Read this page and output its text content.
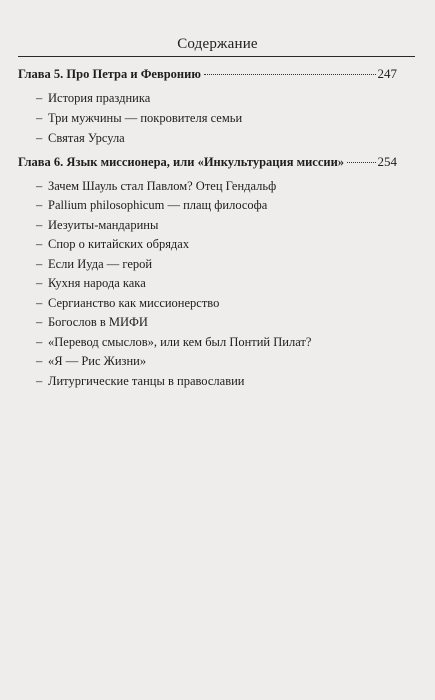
Содержание
Глава 5. Про Петра и Февронию	247
– История праздника
– Три мужчины — покровителя семьи
– Святая Урсула
Глава 6. Язык миссионера, или «Инкультурация миссии»	254
– Зачем Шауль стал Павлом? Отец Гендальф
– Pallium philosophicum — плащ философа
– Иезуиты-мандарины
– Спор о китайских обрядах
– Если Иуда — герой
– Кухня народа кака
– Сергианство как миссионерство
– Богослов в МИФИ
– «Перевод смыслов», или кем был Понтий Пилат?
– «Я — Рис Жизни»
– Литургические танцы в православии
